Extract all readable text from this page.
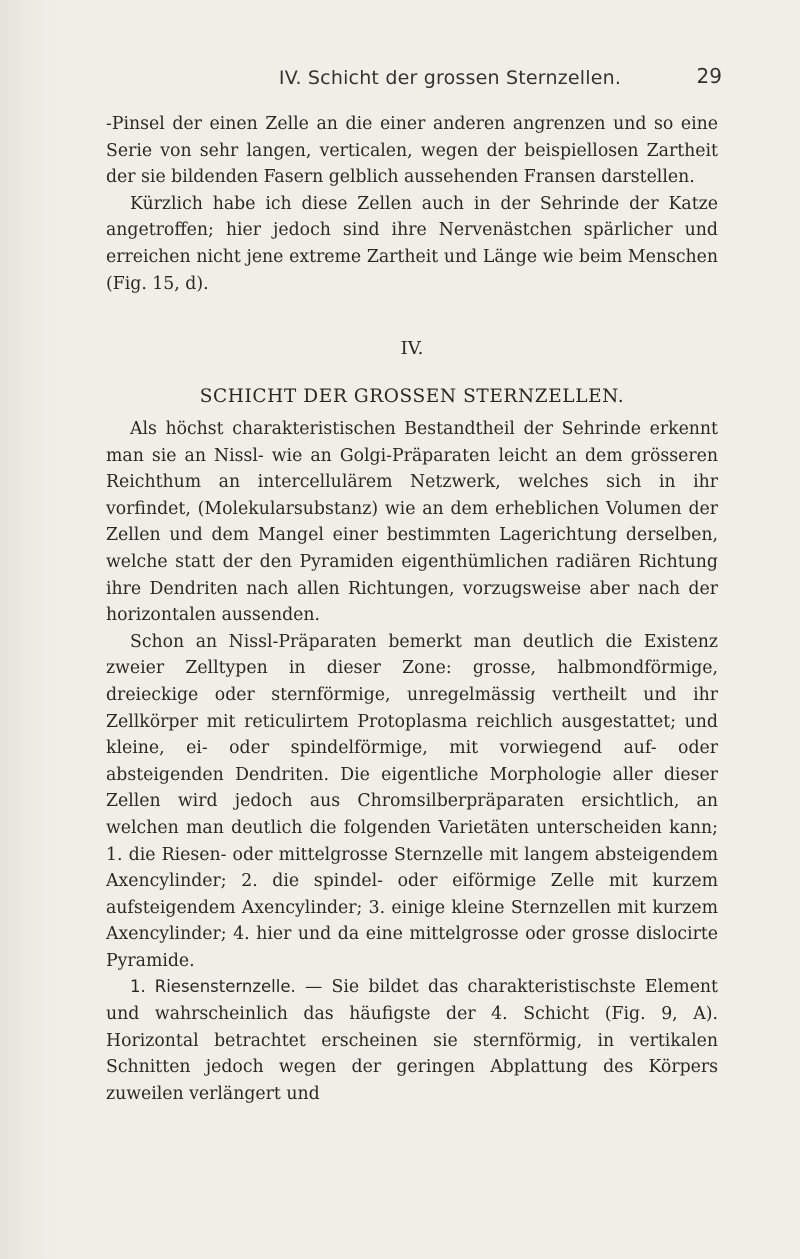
IV. Schicht der grossen Sternzellen.	29

-Pinsel der einen Zelle an die einer anderen angrenzen und so eine Serie von sehr langen, verticalen, wegen der beispiellosen Zartheit der sie bildenden Fasern gelblich aussehenden Fransen darstellen.

Kürzlich habe ich diese Zellen auch in der Sehrinde der Katze angetroffen; hier jedoch sind ihre Nervenästchen spärlicher und erreichen nicht jene extreme Zartheit und Länge wie beim Menschen (Fig. 15, d).

IV.
SCHICHT DER GROSSEN STERNZELLEN.

Als höchst charakteristischen Bestandtheil der Sehrinde erkennt man sie an Nissl- wie an Golgi-Präparaten leicht an dem grösseren Reichthum an intercellulärem Netzwerk, welches sich in ihr vorfindet, (Molekularsubstanz) wie an dem erheblichen Volumen der Zellen und dem Mangel einer bestimmten Lagerichtung derselben, welche statt der den Pyramiden eigenthümlichen radiären Richtung ihre Dendriten nach allen Richtungen, vorzugsweise aber nach der horizontalen aussenden.

Schon an Nissl-Präparaten bemerkt man deutlich die Existenz zweier Zelltypen in dieser Zone: grosse, halbmondförmige, dreieckige oder sternförmige, unregelmässig vertheilt und ihr Zellkörper mit reticulirtem Protoplasma reichlich ausgestattet; und kleine, ei- oder spindelförmige, mit vorwiegend auf- oder absteigenden Dendriten. Die eigentliche Morphologie aller dieser Zellen wird jedoch aus Chromsilberpräparaten ersichtlich, an welchen man deutlich die folgenden Varietäten unterscheiden kann; 1. die Riesen- oder mittelgrosse Sternzelle mit langem absteigendem Axencylinder; 2. die spindel- oder eiförmige Zelle mit kurzem aufsteigendem Axencylinder; 3. einige kleine Sternzellen mit kurzem Axencylinder; 4. hier und da eine mittelgrosse oder grosse dislocirte Pyramide.

1. Riesensternzelle. — Sie bildet das charakteristischste Element und wahrscheinlich das häufigste der 4. Schicht (Fig. 9, A). Horizontal betrachtet erscheinen sie sternförmig, in vertikalen Schnitten jedoch wegen der geringen Abplattung des Körpers zuweilen verlängert und
